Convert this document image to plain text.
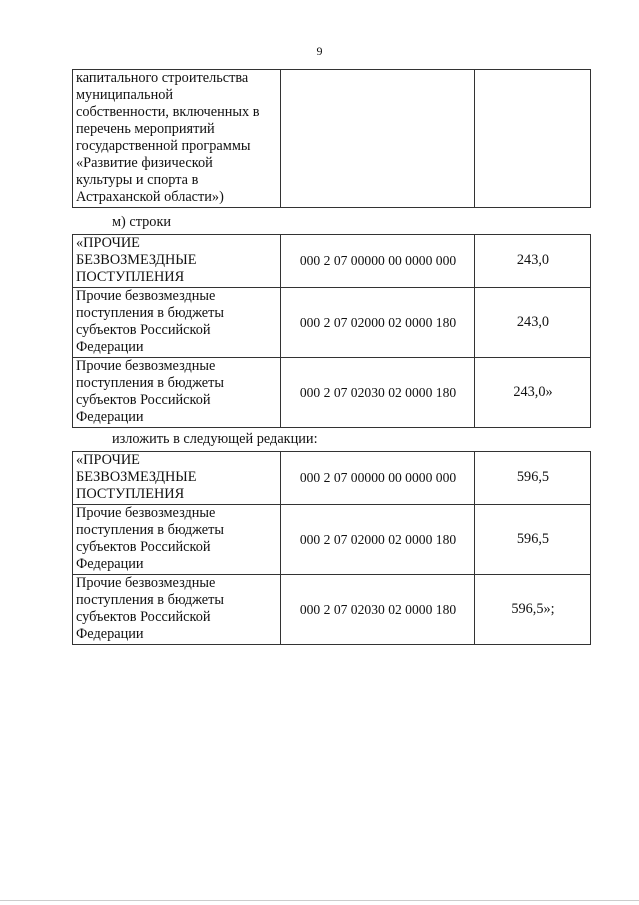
9
капитального строительства
муниципальной
собственности, включенных в
перечень мероприятий
государственной программы
«Развитие физической
культуры и спорта в
Астраханской области»)

м) строки
«ПРОЧИЕ
БЕЗВОЗМЕЗДНЫЕ
ПОСТУПЛЕНИЯ	000 2 07 00000 00 0000 000	243,0

Прочие безвозмездные
поступления в бюджеты
субъектов Российской
Федерации	000 2 07 02000 02 0000 180	243,0

Прочие безвозмездные
поступления в бюджеты
субъектов Российской
Федерации	000 2 07 02030 02 0000 180	243,0»
изложить в следующей редакции:
«ПРОЧИЕ
БЕЗВОЗМЕЗДНЫЕ
ПОСТУПЛЕНИЯ	000 2 07 00000 00 0000 000	596,5

Прочие безвозмездные
поступления в бюджеты
субъектов Российской
Федерации	000 2 07 02000 02 0000 180	596,5

Прочие безвозмездные
поступления в бюджеты
субъектов Российской
Федерации	000 2 07 02030 02 0000 180	596,5»;
